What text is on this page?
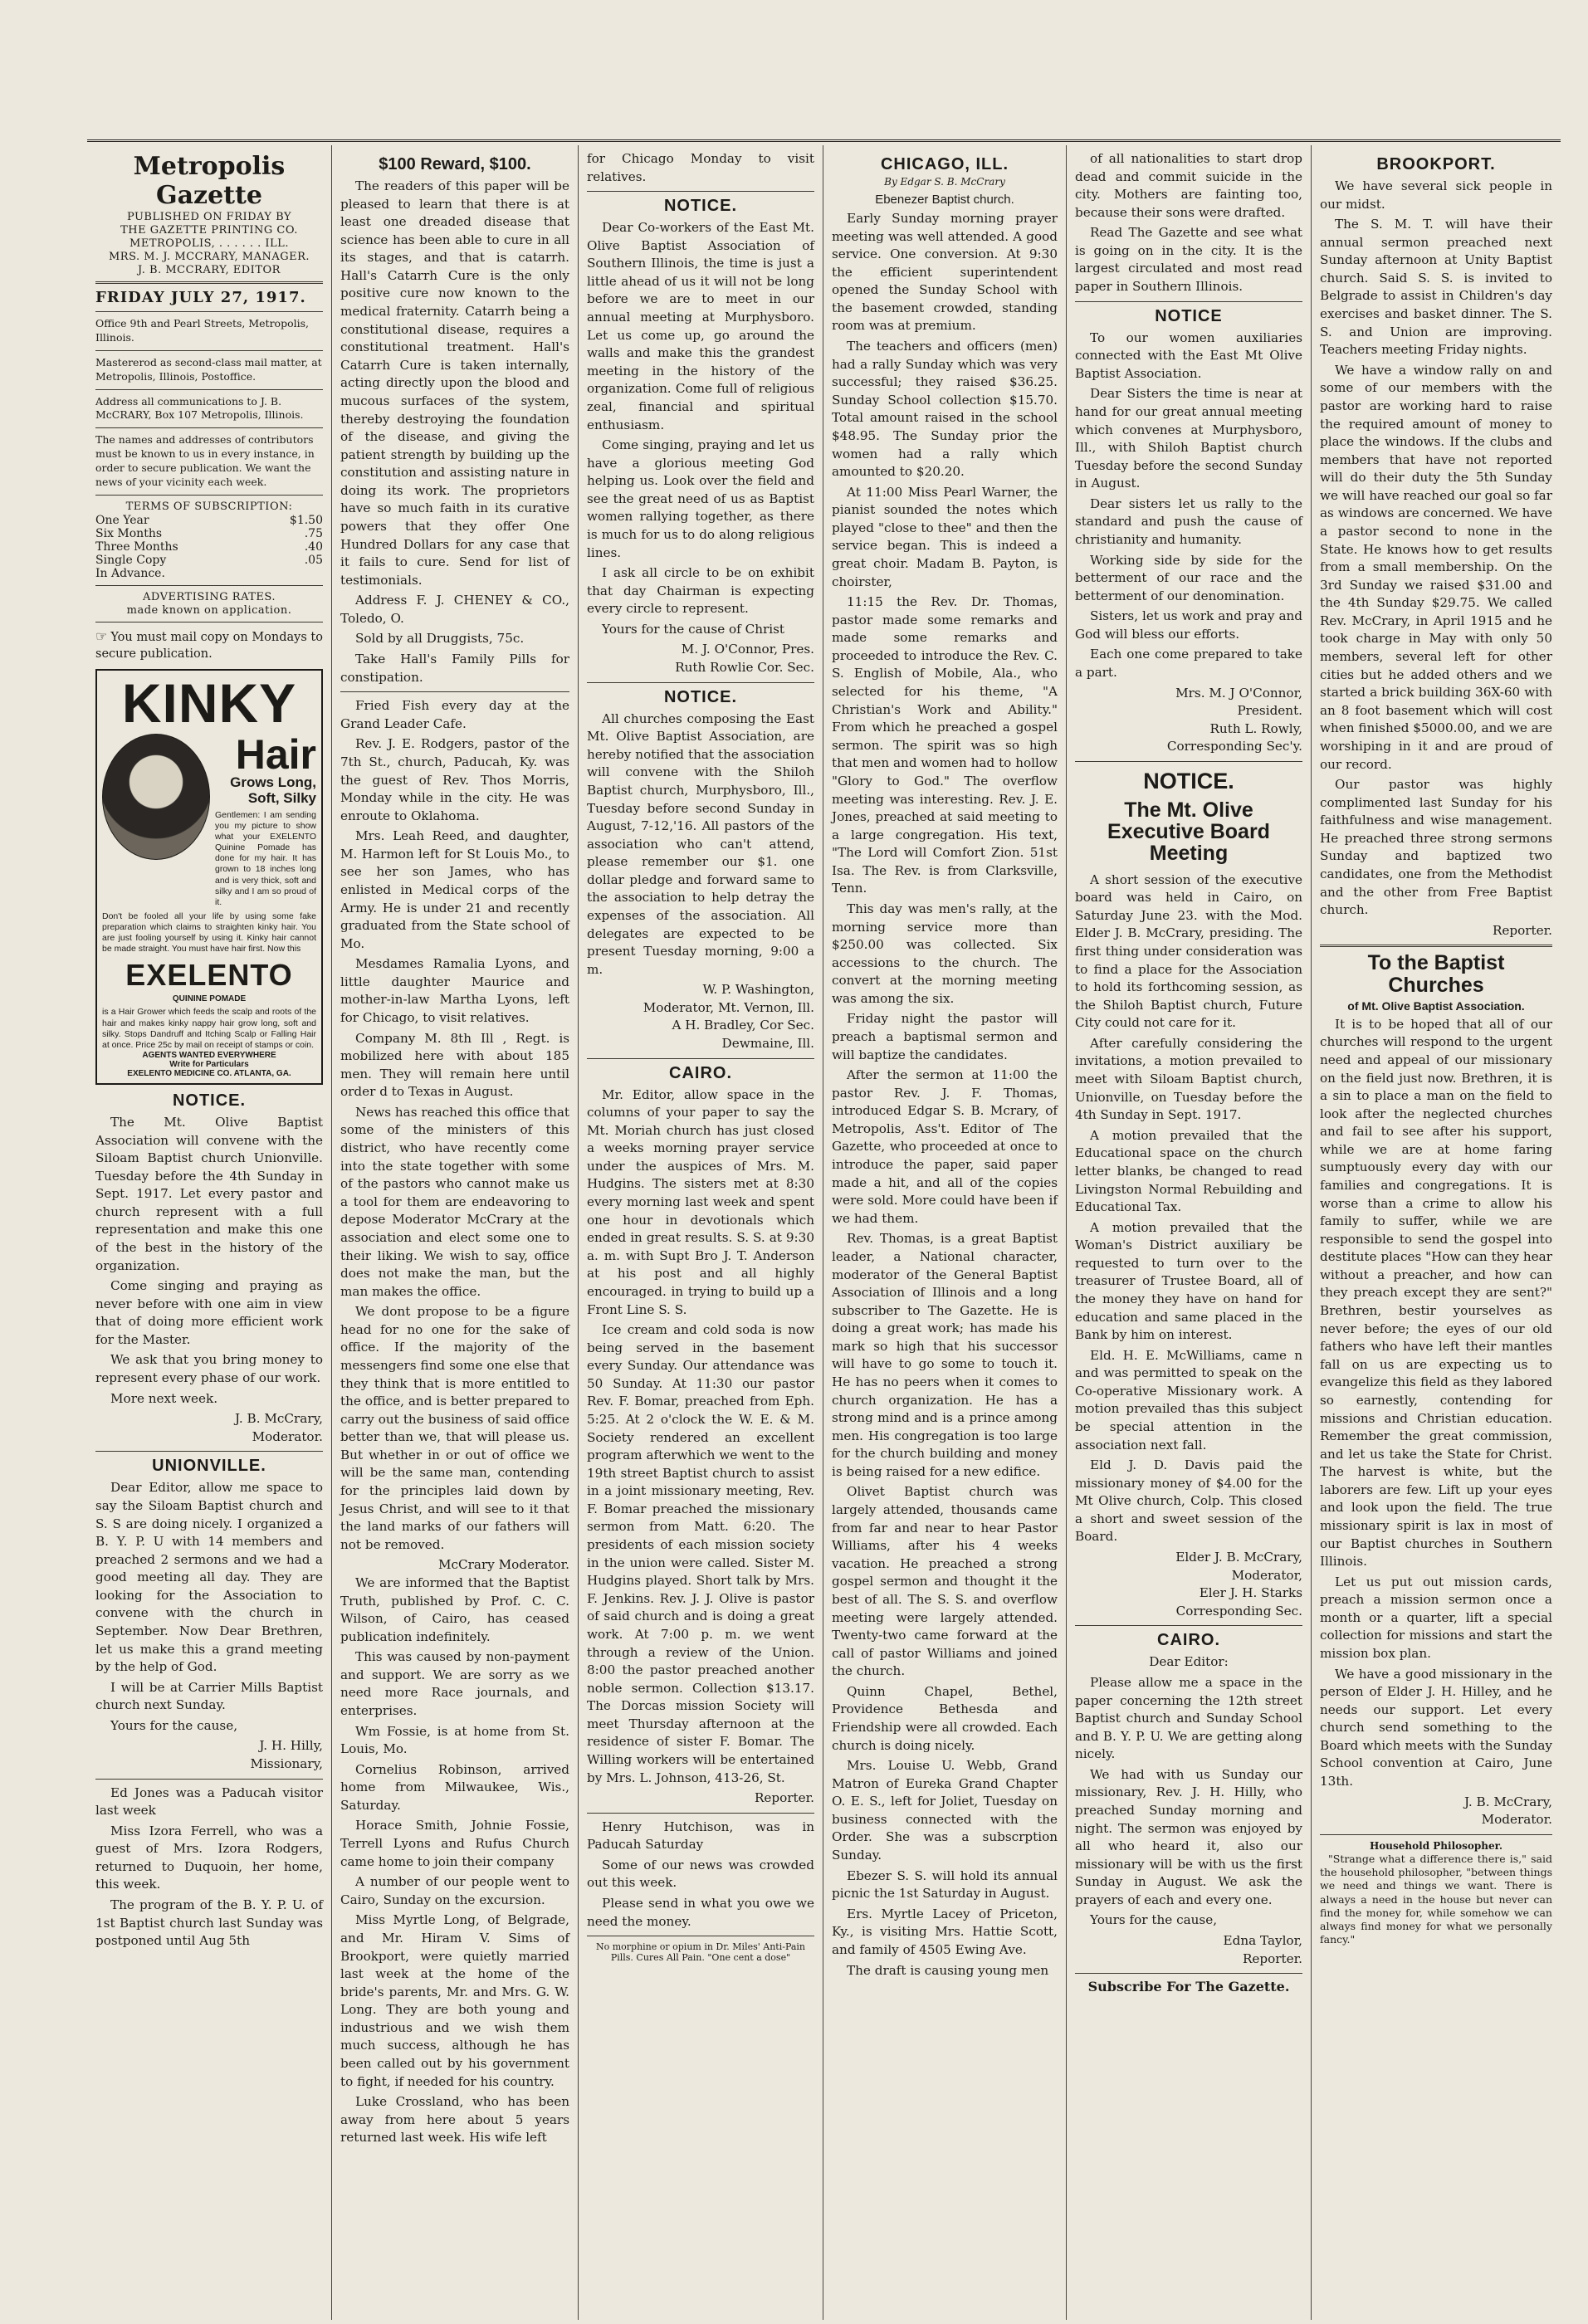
Metropolis Gazette
PUBLISHED ON FRIDAY BY
THE GAZETTE PRINTING CO.
METROPOLIS, . . . . . . ILL.
MRS. M. J. MCCRARY, MANAGER.
J. B. MCCRARY, EDITOR
FRIDAY JULY 27, 1917.

Office 9th and Pearl Streets, Metropolis, Illinois.

Mastererod as second-class mail matter, at Metropolis, Illinois, Postoffice.

Address all communications to J. B. McCRARY, Box 107 Metropolis, Illinois.

The names and addresses of contributors must be known to us in every instance, in order to secure publication. We want the news of your vicinity each week.

TERMS OF SUBSCRIPTION:
One Year	$1.50
Six Months	.75
Three Months	.40
Single Copy	.05
In Advance.	
ADVERTISING RATES.
made known on application.

☞ You must mail copy on Mondays to secure publication.

KINKY
Hair
Grows Long, Soft, Silky
Gentlemen: I am sending you my picture to show what your EXELENTO Quinine Pomade has done for my hair. It has grown to 18 inches long and is very thick, soft and silky and I am so proud of it.
Don't be fooled all your life by using some fake preparation which claims to straighten kinky hair. You are just fooling yourself by using it. Kinky hair cannot be made straight. You must have hair first. Now this
EXELENTO
QUININE POMADE
is a Hair Grower which feeds the scalp and roots of the hair and makes kinky nappy hair grow long, soft and silky. Stops Dandruff and Itching Scalp or Falling Hair at once. Price 25c by mail on receipt of stamps or coin.
AGENTS WANTED EVERYWHERE
Write for Particulars
EXELENTO MEDICINE CO. ATLANTA, GA.
NOTICE.

The Mt. Olive Baptist Association will convene with the Siloam Baptist church Unionville. Tuesday before the 4th Sunday in Sept. 1917. Let every pastor and church represent with a full representation and make this one of the best in the history of the organization.

Come singing and praying as never before with one aim in view that of doing more efficient work for the Master.

We ask that you bring money to represent every phase of our work.

More next week.

J. B. McCrary,

Moderator.

UNIONVILLE.

Dear Editor, allow me space to say the Siloam Baptist church and S. S are doing nicely. I organized a B. Y. P. U with 14 members and preached 2 sermons and we had a good meeting all day. They are looking for the Association to convene with the church in September. Now Dear Brethren, let us make this a grand meeting by the help of God.

I will be at Carrier Mills Baptist church next Sunday.

Yours for the cause,

J. H. Hilly,

Missionary,

Ed Jones was a Paducah visitor last week

Miss Izora Ferrell, who was a guest of Mrs. Izora Rodgers, returned to Duquoin, her home, this week.

The program of the B. Y. P. U. of 1st Baptist church last Sunday was postponed until Aug 5th

$100 Reward, $100.

The readers of this paper will be pleased to learn that there is at least one dreaded disease that science has been able to cure in all its stages, and that is catarrh. Hall's Catarrh Cure is the only positive cure now known to the medical fraternity. Catarrh being a constitutional disease, requires a constitutional treatment. Hall's Catarrh Cure is taken internally, acting directly upon the blood and mucous surfaces of the system, thereby destroying the foundation of the disease, and giving the patient strength by building up the constitution and assisting nature in doing its work. The proprietors have so much faith in its curative powers that they offer One Hundred Dollars for any case that it fails to cure. Send for list of testimonials.

Address F. J. CHENEY & CO., Toledo, O.

Sold by all Druggists, 75c.

Take Hall's Family Pills for constipation.

Fried Fish every day at the Grand Leader Cafe.

Rev. J. E. Rodgers, pastor of the 7th St., church, Paducah, Ky. was the guest of Rev. Thos Morris, Monday while in the city. He was enroute to Oklahoma.

Mrs. Leah Reed, and daughter, M. Harmon left for St Louis Mo., to see her son James, who has enlisted in Medical corps of the Army. He is under 21 and recently graduated from the State school of Mo.

Mesdames Ramalia Lyons, and little daughter Maurice and mother-in-law Martha Lyons, left for Chicago, to visit relatives.

Company M. 8th Ill , Regt. is mobilized here with about 185 men. They will remain here until order d to Texas in August.

News has reached this office that some of the ministers of this district, who have recently come into the state together with some of the pastors who cannot make us a tool for them are endeavoring to depose Moderator McCrary at the association and elect some one to their liking. We wish to say, office does not make the man, but the man makes the office.

We dont propose to be a figure head for no one for the sake of office. If the majority of the messengers find some one else that they think that is more entitled to the office, and is better prepared to carry out the business of said office better than we, that will please us. But whether in or out of office we will be the same man, contending for the principles laid down by Jesus Christ, and will see to it that the land marks of our fathers will not be removed.

McCrary Moderator.

We are informed that the Baptist Truth, published by Prof. C. C. Wilson, of Cairo, has ceased publication indefinitely.

This was caused by non-payment and support. We are sorry as we need more Race journals, and enterprises.

Wm Fossie, is at home from St. Louis, Mo.

Cornelius Robinson, arrived home from Milwaukee, Wis., Saturday.

Horace Smith, Johnie Fossie, Terrell Lyons and Rufus Church came home to join their company

A number of our people went to Cairo, Sunday on the excursion.

Miss Myrtle Long, of Belgrade, and Mr. Hiram V. Sims of Brookport, were quietly married last week at the home of the bride's parents, Mr. and Mrs. G. W. Long. They are both young and industrious and we wish them much success, although he has been called out by his government to fight, if needed for his country.

Luke Crossland, who has been away from here about 5 years returned last week. His wife left

for Chicago Monday to visit relatives.

NOTICE.

Dear Co-workers of the East Mt. Olive Baptist Association of Southern Illinois, the time is just a little ahead of us it will not be long before we are to meet in our annual meeting at Murphysboro. Let us come up, go around the walls and make this the grandest meeting in the history of the organization. Come full of religious zeal, financial and spiritual enthusiasm.

Come singing, praying and let us have a glorious meeting God helping us. Look over the field and see the great need of us as Baptist women rallying together, as there is much for us to do along religious lines.

I ask all circle to be on exhibit that day Chairman is expecting every circle to represent.

Yours for the cause of Christ

M. J. O'Connor, Pres.

Ruth Rowlie Cor. Sec.

NOTICE.

All churches composing the East Mt. Olive Baptist Association, are hereby notified that the association will convene with the Shiloh Baptist church, Murphysboro, Ill., Tuesday before second Sunday in August, 7-12,'16. All pastors of the association who can't attend, please remember our $1. one dollar pledge and forward same to the association to help detray the expenses of the association. All delegates are expected to be present Tuesday morning, 9:00 a m.

W. P. Washington,

Moderator, Mt. Vernon, Ill.

A H. Bradley, Cor Sec.

Dewmaine, Ill.

CAIRO.

Mr. Editor, allow space in the columns of your paper to say the Mt. Moriah church has just closed a weeks morning prayer service under the auspices of Mrs. M. Hudgins. The sisters met at 8:30 every morning last week and spent one hour in devotionals which ended in great results. S. S. at 9:30 a. m. with Supt Bro J. T. Anderson at his post and all highly encouraged. in trying to build up a Front Line S. S.

Ice cream and cold soda is now being served in the basement every Sunday. Our attendance was 50 Sunday. At 11:30 our pastor Rev. F. Bomar, preached from Eph. 5:25. At 2 o'clock the W. E. & M. Society rendered an excellent program afterwhich we went to the 19th street Baptist church to assist in a joint missionary meeting, Rev. F. Bomar preached the missionary sermon from Matt. 6:20. The presidents of each mission society in the union were called. Sister M. Hudgins played. Short talk by Mrs. F. Jenkins. Rev. J. J. Olive is pastor of said church and is doing a great work. At 7:00 p. m. we went through a review of the Union. 8:00 the pastor preached another noble sermon. Collection $13.17. The Dorcas mission Society will meet Thursday afternoon at the residence of sister F. Bomar. The Willing workers will be entertained by Mrs. L. Johnson, 413-26, St.

Reporter.

Henry Hutchison, was in Paducah Saturday

Some of our news was crowded out this week.

Please send in what you owe we need the money.

No morphine or opium in Dr. Miles' Anti-Pain Pills. Cures All Pain. "One cent a dose"
CHICAGO, ILL.
By Edgar S. B. McCrary
Ebenezer Baptist church.

Early Sunday morning prayer meeting was well attended. A good service. One conversion. At 9:30 the efficient superintendent opened the Sunday School with the basement crowded, standing room was at premium.

The teachers and officers (men) had a rally Sunday which was very successful; they raised $36.25. Sunday School collection $15.70. Total amount raised in the school $48.95. The Sunday prior the women had a rally which amounted to $20.20.

At 11:00 Miss Pearl Warner, the pianist sounded the notes which played "close to thee" and then the service began. This is indeed a great choir. Madam B. Payton, is choirster,

11:15 the Rev. Dr. Thomas, pastor made some remarks and made some remarks and proceeded to introduce the Rev. C. S. English of Mobile, Ala., who selected for his theme, "A Christian's Work and Ability." From which he preached a gospel sermon. The spirit was so high that men and women had to hollow "Glory to God." The overflow meeting was interesting. Rev. J. E. Jones, preached at said meeting to a large congregation. His text, "The Lord will Comfort Zion. 51st Isa. The Rev. is from Clarksville, Tenn.

This day was men's rally, at the morning service more than $250.00 was collected. Six accessions to the church. The convert at the morning meeting was among the six.

Friday night the pastor will preach a baptismal sermon and will baptize the candidates.

After the sermon at 11:00 the pastor Rev. J. F. Thomas, introduced Edgar S. B. Mcrary, of Metropolis, Ass't. Editor of The Gazette, who proceeded at once to introduce the paper, said paper made a hit, and all of the copies were sold. More could have been if we had them.

Rev. Thomas, is a great Baptist leader, a National character, moderator of the General Baptist Association of Illinois and a long subscriber to The Gazette. He is doing a great work; has made his mark so high that his successor will have to go some to touch it. He has no peers when it comes to church organization. He has a strong mind and is a prince among men. His congregation is too large for the church building and money is being raised for a new edifice.

Olivet Baptist church was largely attended, thousands came from far and near to hear Pastor Williams, after his 4 weeks vacation. He preached a strong gospel sermon and thought it the best of all. The S. S. and overflow meeting were largely attended. Twenty-two came forward at the call of pastor Williams and joined the church.

Quinn Chapel, Bethel, Providence Bethesda and Friendship were all crowded. Each church is doing nicely.

Mrs. Louise U. Webb, Grand Matron of Eureka Grand Chapter O. E. S., left for Joliet, Tuesday on business connected with the Order. She was a subscrption Sunday.

Ebezer S. S. will hold its annual picnic the 1st Saturday in August.

Ers. Myrtle Lacey of Priceton, Ky., is visiting Mrs. Hattie Scott, and family of 4505 Ewing Ave.

The draft is causing young men

of all nationalities to start drop dead and commit suicide in the city. Mothers are fainting too, because their sons were drafted.

Read The Gazette and see what is going on in the city. It is the largest circulated and most read paper in Southern Illinois.

NOTICE

To our women auxiliaries connected with the East Mt Olive Baptist Association.

Dear Sisters the time is near at hand for our great annual meeting which convenes at Murphysboro, Ill., with Shiloh Baptist church Tuesday before the second Sunday in August.

Dear sisters let us rally to the standard and push the cause of christianity and humanity.

Working side by side for the betterment of our race and the betterment of our denomination.

Sisters, let us work and pray and God will bless our efforts.

Each one come prepared to take a part.

Mrs. M. J O'Connor,

President.

Ruth L. Rowly,

Corresponding Sec'y.

NOTICE.
The Mt. Olive Executive Board Meeting

A short session of the executive board was held in Cairo, on Saturday June 23. with the Mod. Elder J. B. McCrary, presiding. The first thing under consideration was to find a place for the Association to hold its forthcoming session, as the Shiloh Baptist church, Future City could not care for it.

After carefully considering the invitations, a motion prevailed to meet with Siloam Baptist church, Unionville, on Tuesday before the 4th Sunday in Sept. 1917.

A motion prevailed that the Educational space on the church letter blanks, be changed to read Livingston Normal Rebuilding and Educational Tax.

A motion prevailed that the Woman's District auxiliary be requested to turn over to the treasurer of Trustee Board, all of the money they have on hand for education and same placed in the Bank by him on interest.

Eld. H. E. McWilliams, came n and was permitted to speak on the Co-operative Missionary work. A motion prevailed thas this subject be special attention in the association next fall.

Eld J. D. Davis paid the missionary money of $4.00 for the Mt Olive church, Colp. This closed a short and sweet session of the Board.

Elder J. B. McCrary,

Moderator,

Eler J. H. Starks

Corresponding Sec.

CAIRO.

Dear Editor:

Please allow me a space in the paper concerning the 12th street Baptist church and Sunday School and B. Y. P. U. We are getting along nicely.

We had with us Sunday our missionary, Rev. J. H. Hilly, who preached Sunday morning and night. The sermon was enjoyed by all who heard it, also our missionary will be with us the first Sunday in August. We ask the prayers of each and every one.

Yours for the cause,

Edna Taylor,

Reporter.

Subscribe For The Gazette.
BROOKPORT.

We have several sick people in our midst.

The S. M. T. will have their annual sermon preached next Sunday afternoon at Unity Baptist church. Said S. S. is invited to Belgrade to assist in Children's day exercises and basket dinner. The S. S. and Union are improving. Teachers meeting Friday nights.

We have a window rally on and some of our members with the pastor are working hard to raise the required amount of money to place the windows. If the clubs and members that have not reported will do their duty the 5th Sunday we will have reached our goal so far as windows are concerned. We have a pastor second to none in the State. He knows how to get results from a small membership. On the 3rd Sunday we raised $31.00 and the 4th Sunday $29.75. We called Rev. McCrary, in April 1915 and he took charge in May with only 50 members, several left for other cities but he added others and we started a brick building 36X-60 with an 8 foot basement which will cost when finished $5000.00, and we are worshiping in it and are proud of our record.

Our pastor was highly complimented last Sunday for his faithfulness and wise management. He preached three strong sermons Sunday and baptized two candidates, one from the Methodist and the other from Free Baptist church.

Reporter.

To the Baptist Churches
of Mt. Olive Baptist Association.

It is to be hoped that all of our churches will respond to the urgent need and appeal of our missionary on the field just now. Brethren, it is a sin to place a man on the field to look after the neglected churches and fail to see after his support, while we are at home faring sumptuously every day with our families and congregations. It is worse than a crime to allow his family to suffer, while we are responsible to send the gospel into destitute places "How can they hear without a preacher, and how can they preach except they are sent?" Brethren, bestir yourselves as never before; the eyes of our old fathers who have left their mantles fall on us are expecting us to evangelize this field as they labored so earnestly, contending for missions and Christian education. Remember the great commission, and let us take the State for Christ. The harvest is white, but the laborers are few. Lift up your eyes and look upon the field. The true missionary spirit is lax in most of our Baptist churches in Southern Illinois.

Let us put out mission cards, preach a mission sermon once a month or a quarter, lift a special collection for missions and start the mission box plan.

We have a good missionary in the person of Elder J. H. Hilley, and he needs our support. Let every church send something to the Board which meets with the Sunday School convention at Cairo, June 13th.

J. B. McCrary,

Moderator.

Household Philosopher.

"Strange what a difference there is," said the household philosopher, "between things we need and things we want. There is always a need in the house but never can find the money for, while somehow we can always find money for what we personally fancy."
